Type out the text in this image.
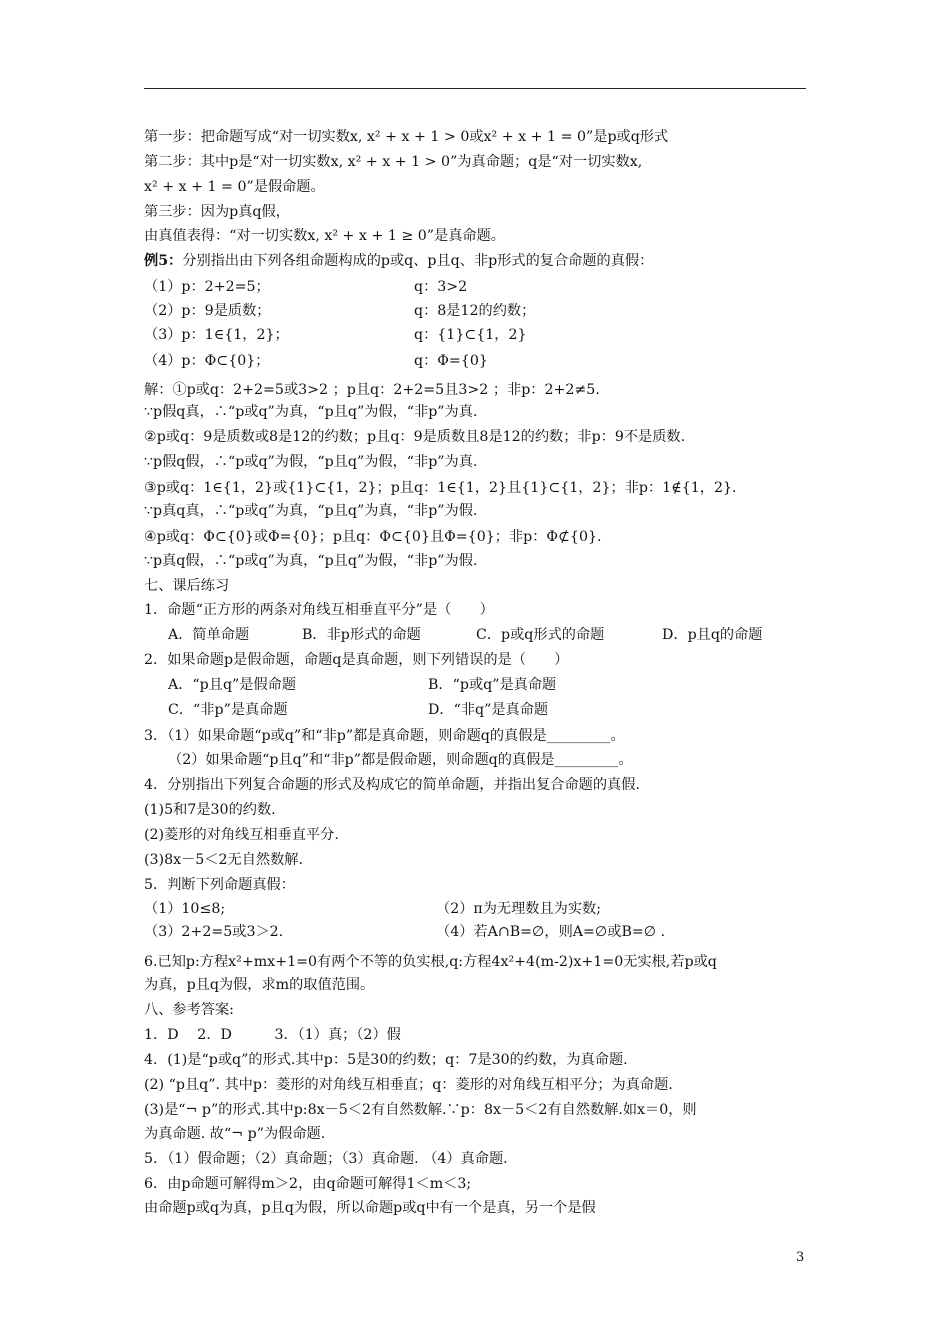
第一步：把命题写成“对一切实数x, x² + x + 1 > 0或x² + x + 1 = 0”是p或q形式
第二步：其中p是“对一切实数x, x² + x + 1 > 0”为真命题；q是“对一切实数x,
x² + x + 1 = 0”是假命题。
第三步：因为p真q假，
由真值表得：“对一切实数x, x² + x + 1 ≥ 0”是真命题。
例5：分别指出由下列各组命题构成的p或q、p且q、非p形式的复合命题的真假：
（1）p：2+2=5；	q：3>2
（2）p：9是质数；	q：8是12的约数；
（3）p：1∈{1，2}；	q：{1}⊂{1，2}
（4）p：Φ⊂{0}；	q：Φ={0}
解：①p或q：2+2=5或3>2 ；p且q：2+2=5且3>2 ；非p：2+2≠5.
∵p假q真，∴“p或q”为真，“p且q”为假，“非p”为真.
②p或q：9是质数或8是12的约数；p且q：9是质数且8是12的约数；非p：9不是质数.
∵p假q假，∴“p或q”为假，“p且q”为假，“非p”为真.
③p或q：1∈{1，2}或{1}⊂{1，2}；p且q：1∈{1，2}且{1}⊂{1，2}；非p：1∉{1，2}.
∵p真q真，∴“p或q”为真，“p且q”为真，“非p”为假.
④p或q：Φ⊂{0}或Φ={0}；p且q：Φ⊂{0}且Φ={0}；非p：Φ⊄{0}.
∵p真q假，∴“p或q”为真，“p且q”为假，“非p”为假.
七、课后练习
1．命题“正方形的两条对角线互相垂直平分”是（　　）
A．简单命题	B．非p形式的命题	C．p或q形式的命题	D．p且q的命题
2．如果命题p是假命题，命题q是真命题，则下列错误的是（　　）
A．“p且q”是假命题	B．“p或q”是真命题
C．“非p”是真命题	D．“非q”是真命题
3．（1）如果命题“p或q”和“非p”都是真命题，则命题q的真假是_________。
（2）如果命题“p且q”和“非p”都是假命题，则命题q的真假是_________。
4．分别指出下列复合命题的形式及构成它的简单命题，并指出复合命题的真假.
(1)5和7是30的约数.
(2)菱形的对角线互相垂直平分.
(3)8x－5＜2无自然数解.
5．判断下列命题真假：
（1）10≤8;	（2）π为无理数且为实数;
（3）2+2=5或3＞2.	（4）若A∩B=∅，则A=∅或B=∅ .
6.已知p:方程x²+mx+1=0有两个不等的负实根,q:方程4x²+4(m-2)x+1=0无实根,若p或q
为真，p且q为假，求m的取值范围。
八、参考答案:
1．D　 2．D　　　3．（1）真；（2）假
4．(1)是“p或q”的形式.其中p：5是30的约数；q：7是30的约数，为真命题.
(2) “p且q”. 其中p：菱形的对角线互相垂直；q：菱形的对角线互相平分；为真命题.
(3)是“¬ p”的形式.其中p:8x－5＜2有自然数解.∵p：8x－5＜2有自然数解.如x＝0，则
为真命题. 故“¬ p”为假命题.
5．（1）假命题；（2）真命题；（3）真命题. （4）真命题.
6．由p命题可解得m＞2，由q命题可解得1＜m＜3;
由命题p或q为真，p且q为假，所以命题p或q中有一个是真，另一个是假
3
